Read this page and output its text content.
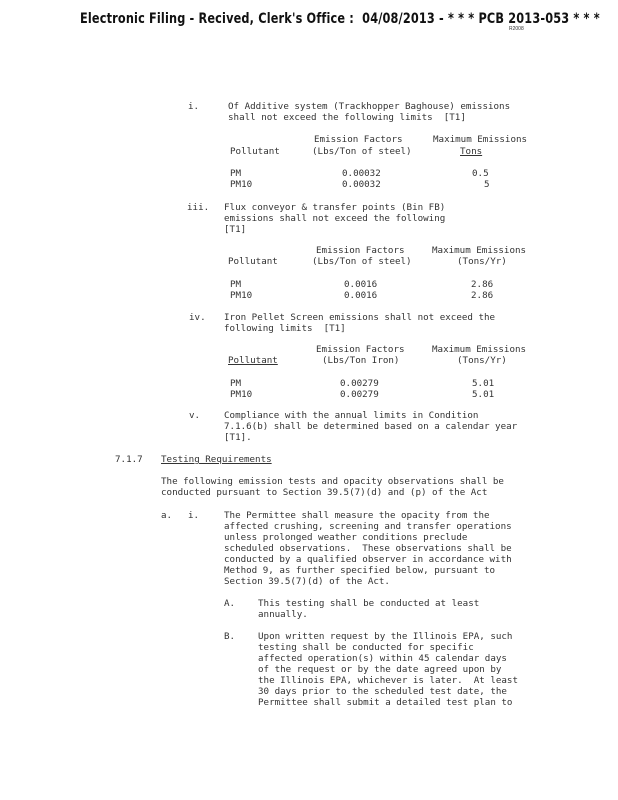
Electronic Filing - Recived, Clerk's Office :  04/08/2013 - * * * PCB 2013-053 * * *
R2008
i.	Of Additive system (Trackhopper Baghouse) emissions
shall not exceed the following limits  [T1]
Emission Factors	Maximum Emissions
Pollutant	(Lbs/Ton of steel)	Tons
PM	0.00032	0.5
PM10	0.00032	5
iii. Flux conveyor & transfer points (Bin FB)
emissions shall not exceed the following
[T1]
Emission Factors	Maximum Emissions
Pollutant	(Lbs/Ton of steel)	(Tons/Yr)
PM	0.0016	2.86
PM10	0.0016	2.86
iv. Iron Pellet Screen emissions shall not exceed the
following limits  [T1]
Emission Factors	Maximum Emissions
Pollutant	(Lbs/Ton Iron)	(Tons/Yr)
PM	0.00279	5.01
PM10	0.00279	5.01
v.	Compliance with the annual limits in Condition
7.1.6(b) shall be determined based on a calendar year
[T1].
7.1.7 Testing Requirements
The following emission tests and opacity observations shall be
conducted pursuant to Section 39.5(7)(d) and (p) of the Act
a. i.	The Permittee shall measure the opacity from the
affected crushing, screening and transfer operations
unless prolonged weather conditions preclude
scheduled observations.  These observations shall be
conducted by a qualified observer in accordance with
Method 9, as further specified below, pursuant to
Section 39.5(7)(d) of the Act.
A. This testing shall be conducted at least
annually.
B. Upon written request by the Illinois EPA, such
testing shall be conducted for specific
affected operation(s) within 45 calendar days
of the request or by the date agreed upon by
the Illinois EPA, whichever is later.  At least
30 days prior to the scheduled test date, the
Permittee shall submit a detailed test plan to
